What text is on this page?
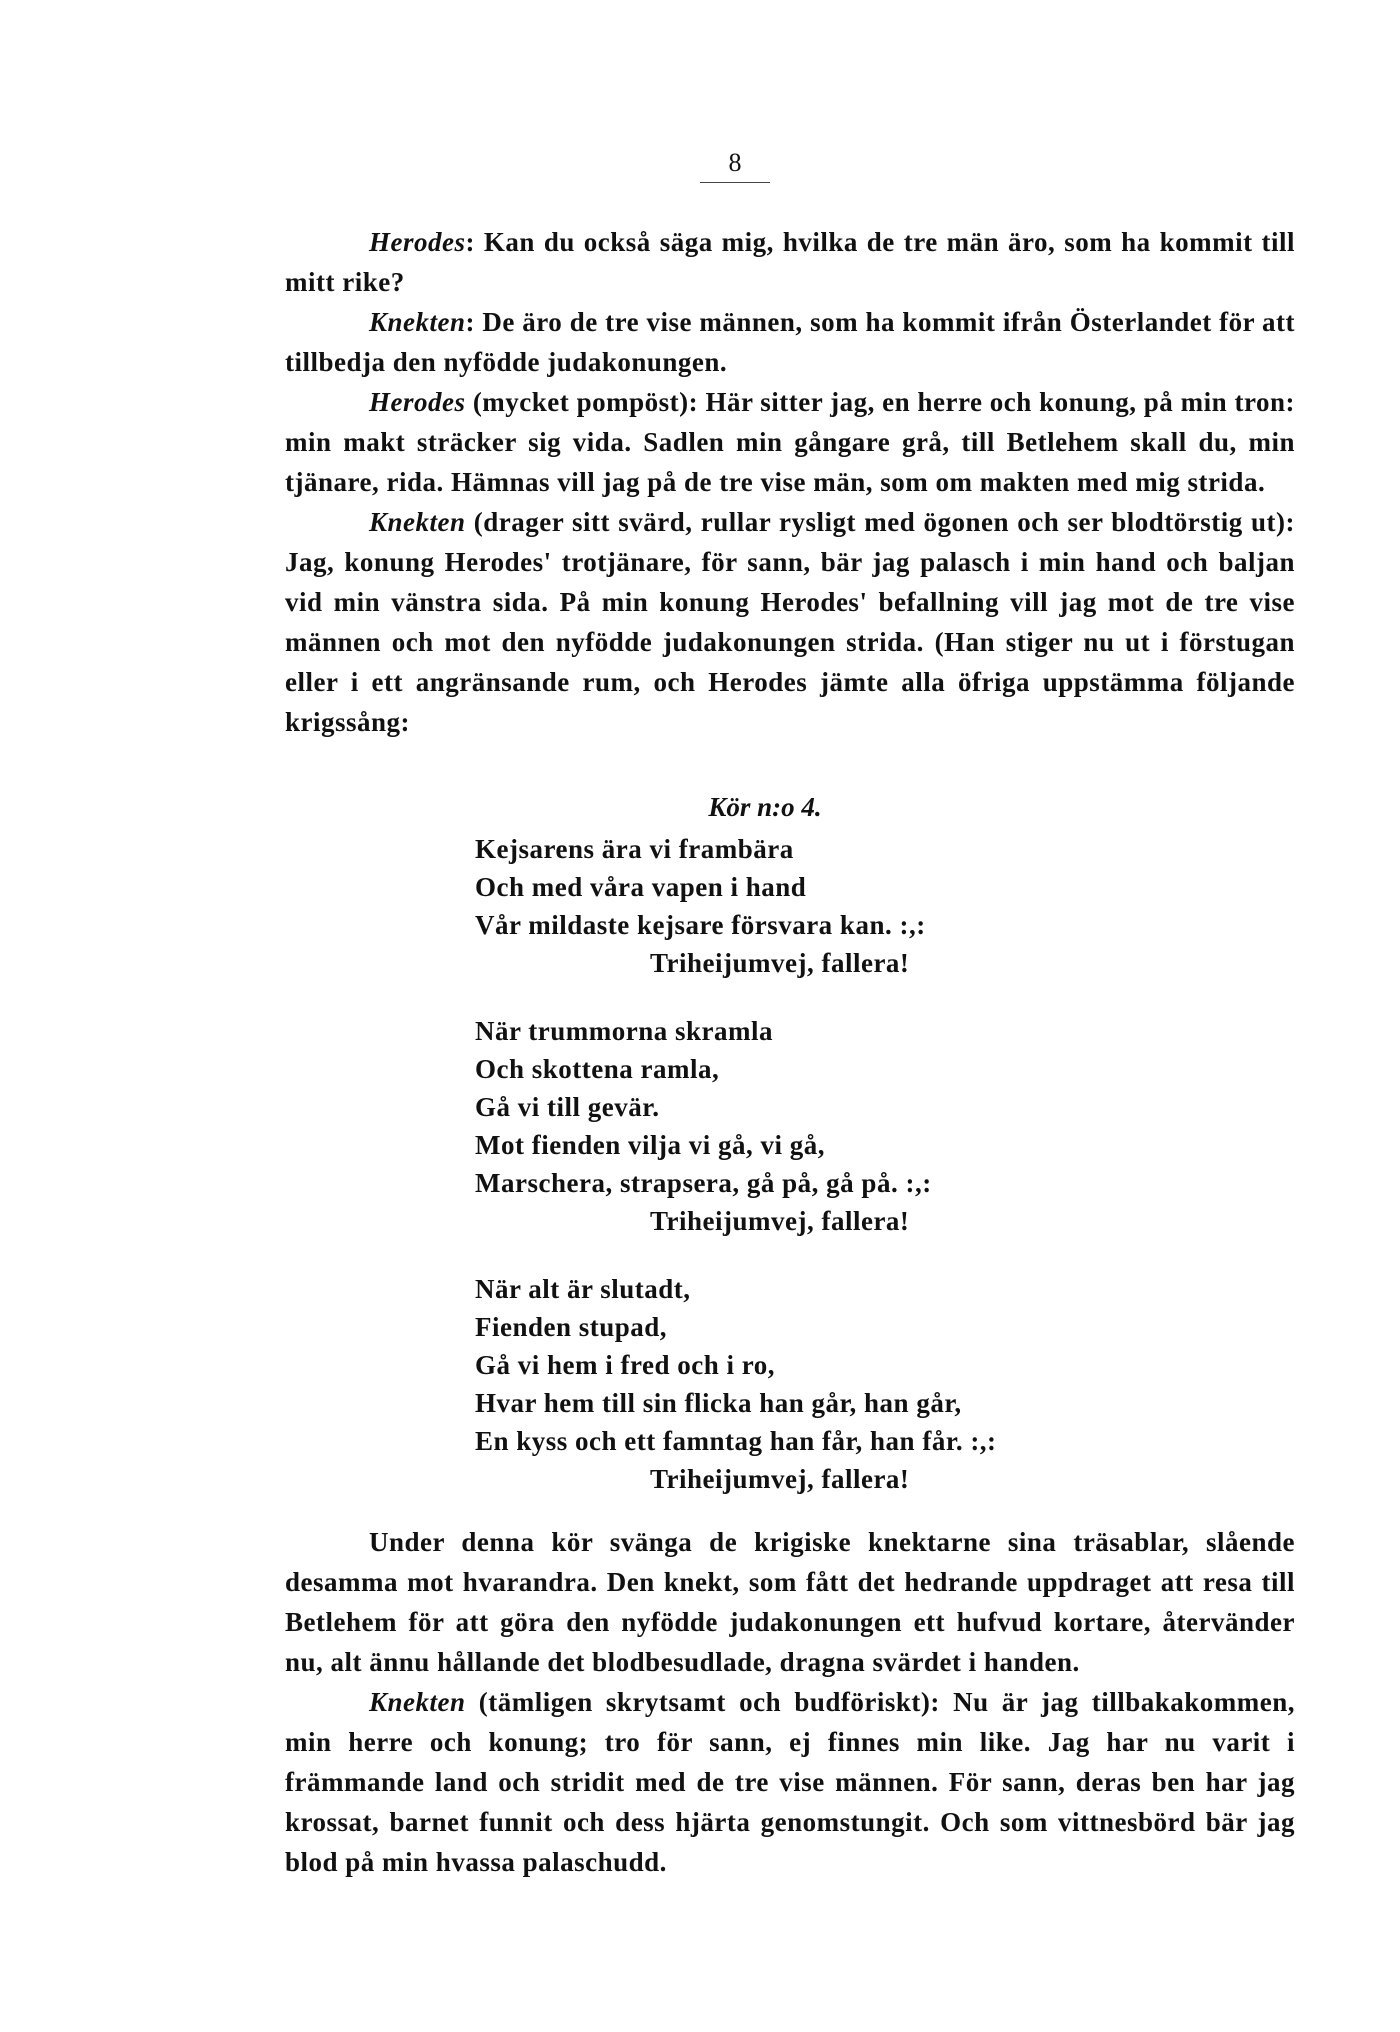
8

Herodes: Kan du också säga mig, hvilka de tre män äro, som ha kommit till mitt rike?

Knekten: De äro de tre vise männen, som ha kommit ifrån Österlandet för att tillbedja den nyfödde judakonungen.

Herodes (mycket pompöst): Här sitter jag, en herre och konung, på min tron: min makt sträcker sig vida. Sadlen min gångare grå, till Betlehem skall du, min tjänare, rida. Hämnas vill jag på de tre vise män, som om makten med mig strida.

Knekten (drager sitt svärd, rullar rysligt med ögonen och ser blodtörstig ut): Jag, konung Herodes' trotjänare, för sann, bär jag palasch i min hand och baljan vid min vänstra sida. På min konung Herodes' befallning vill jag mot de tre vise männen och mot den nyfödde judakonungen strida. (Han stiger nu ut i förstugan eller i ett angränsande rum, och Herodes jämte alla öfriga uppstämma följande krigssång:

Kör n:o 4.
Kejsarens ära vi frambära
Och med våra vapen i hand
Vår mildaste kejsare försvara kan. :,:
Triheijumvej, fallera!
När trummorna skramla
Och skottena ramla,
Gå vi till gevär.
Mot fienden vilja vi gå, vi gå,
Marschera, strapsera, gå på, gå på. :,:
Triheijumvej, fallera!
När alt är slutadt,
Fienden stupad,
Gå vi hem i fred och i ro,
Hvar hem till sin flicka han går, han går,
En kyss och ett famntag han får, han får. :,:
Triheijumvej, fallera!

Under denna kör svänga de krigiske knektarne sina träsablar, slående desamma mot hvarandra. Den knekt, som fått det hedrande uppdraget att resa till Betlehem för att göra den nyfödde judakonungen ett hufvud kortare, återvänder nu, alt ännu hållande det blodbesudlade, dragna svärdet i handen.

Knekten (tämligen skrytsamt och budföriskt): Nu är jag tillbakakommen, min herre och konung; tro för sann, ej finnes min like. Jag har nu varit i främmande land och stridit med de tre vise männen. För sann, deras ben har jag krossat, barnet funnit och dess hjärta genomstungit. Och som vittnesbörd bär jag blod på min hvassa palaschudd.
